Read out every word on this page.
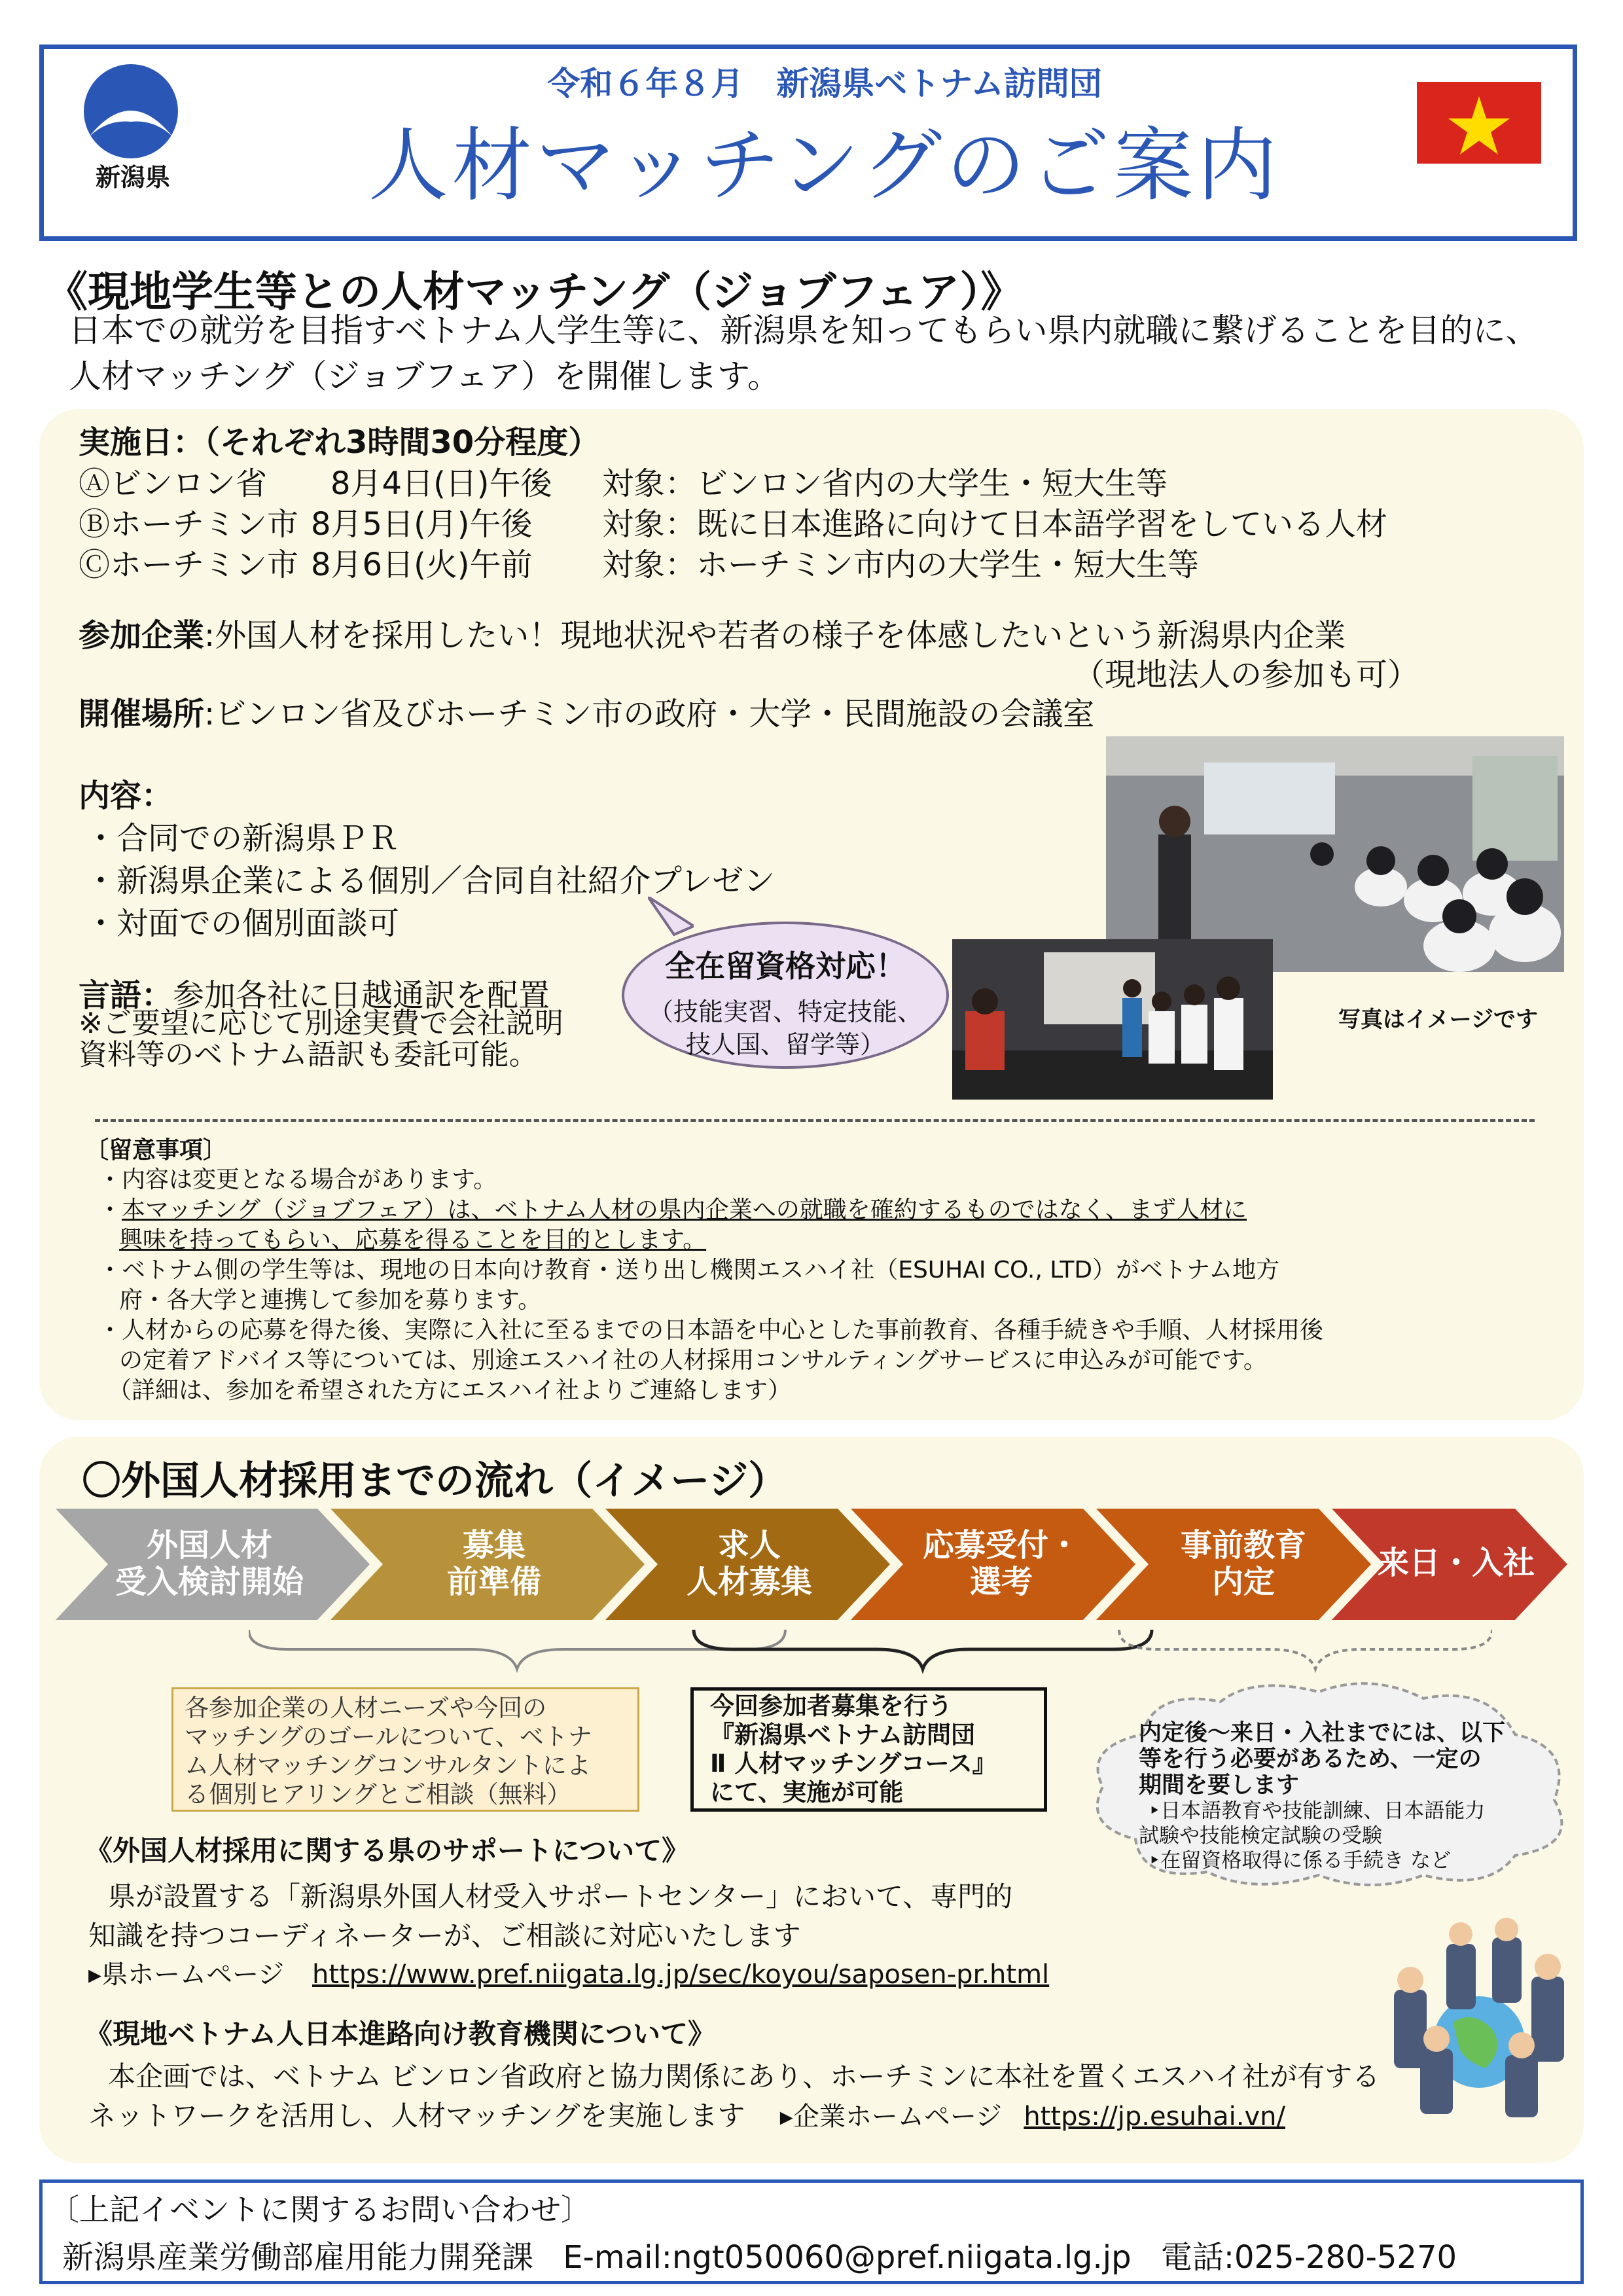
新潟県
令和６年８月　新潟県ベトナム訪問団
人材マッチングのご案内
《現地学生等との人材マッチング（ジョブフェア）》
日本での就労を目指すベトナム人学生等に、新潟県を知ってもらい県内就職に繋げることを目的に、
人材マッチング（ジョブフェア）を開催します。
実施日：（それぞれ3時間30分程度）
Ⓐビンロン省 8月4日(日)午後 対象：ビンロン省内の大学生・短大生等
Ⓑホーチミン市 8月5日(月)午後 対象：既に日本進路に向けて日本語学習をしている人材
Ⓒホーチミン市 8月6日(火)午前 対象：ホーチミン市内の大学生・短大生等
参加企業:外国人材を採用したい！現地状況や若者の様子を体感したいという新潟県内企業
（現地法人の参加も可）
開催場所:ビンロン省及びホーチミン市の政府・大学・民間施設の会議室
内容：
・合同での新潟県ＰＲ
・新潟県企業による個別／合同自社紹介プレゼン
・対面での個別面談可
言語：参加各社に日越通訳を配置
※ご要望に応じて別途実費で会社説明
資料等のベトナム語訳も委託可能。
全在留資格対応！
（技能実習、特定技能、
技人国、留学等）
写真はイメージです
〔留意事項〕
・内容は変更となる場合があります。
・本マッチング（ジョブフェア）は、ベトナム人材の県内企業への就職を確約するものではなく、まず人材に
興味を持ってもらい、応募を得ることを目的とします。
・ベトナム側の学生等は、現地の日本向け教育・送り出し機関エスハイ社（ESUHAI CO., LTD）がベトナム地方
府・各大学と連携して参加を募ります。
・人材からの応募を得た後、実際に入社に至るまでの日本語を中心とした事前教育、各種手続きや手順、人材採用後
の定着アドバイス等については、別途エスハイ社の人材採用コンサルティングサービスに申込みが可能です。
（詳細は、参加を希望された方にエスハイ社よりご連絡します）
〇外国人材採用までの流れ（イメージ）
外国人材
受入検討開始
募集
前準備
求人
人材募集
応募受付・
選考
事前教育
内定
来日・入社
各参加企業の人材ニーズや今回の
マッチングのゴールについて、ベトナ
ム人材マッチングコンサルタントによ
る個別ヒアリングとご相談（無料）
今回参加者募集を行う
『新潟県ベトナム訪問団
Ⅱ 人材マッチングコース』
にて、実施が可能
内定後～来日・入社までには、以下
等を行う必要があるため、一定の
期間を要します
‣日本語教育や技能訓練、日本語能力
試験や技能検定試験の受験
‣在留資格取得に係る手続き など
《外国人材採用に関する県のサポートについて》
県が設置する「新潟県外国人材受入サポートセンター」において、専門的
知識を持つコーディネーターが、ご相談に対応いたします
▸県ホームページ https://www.pref.niigata.lg.jp/sec/koyou/saposen-pr.html
《現地ベトナム人日本進路向け教育機関について》
本企画では、ベトナム ビンロン省政府と協力関係にあり、ホーチミンに本社を置くエスハイ社が有する
ネットワークを活用し、人材マッチングを実施します ▸企業ホームページ https://jp.esuhai.vn/
〔上記イベントに関するお問い合わせ〕
新潟県産業労働部雇用能力開発課 E-mail:ngt050060@pref.niigata.lg.jp 電話:025-280-5270
